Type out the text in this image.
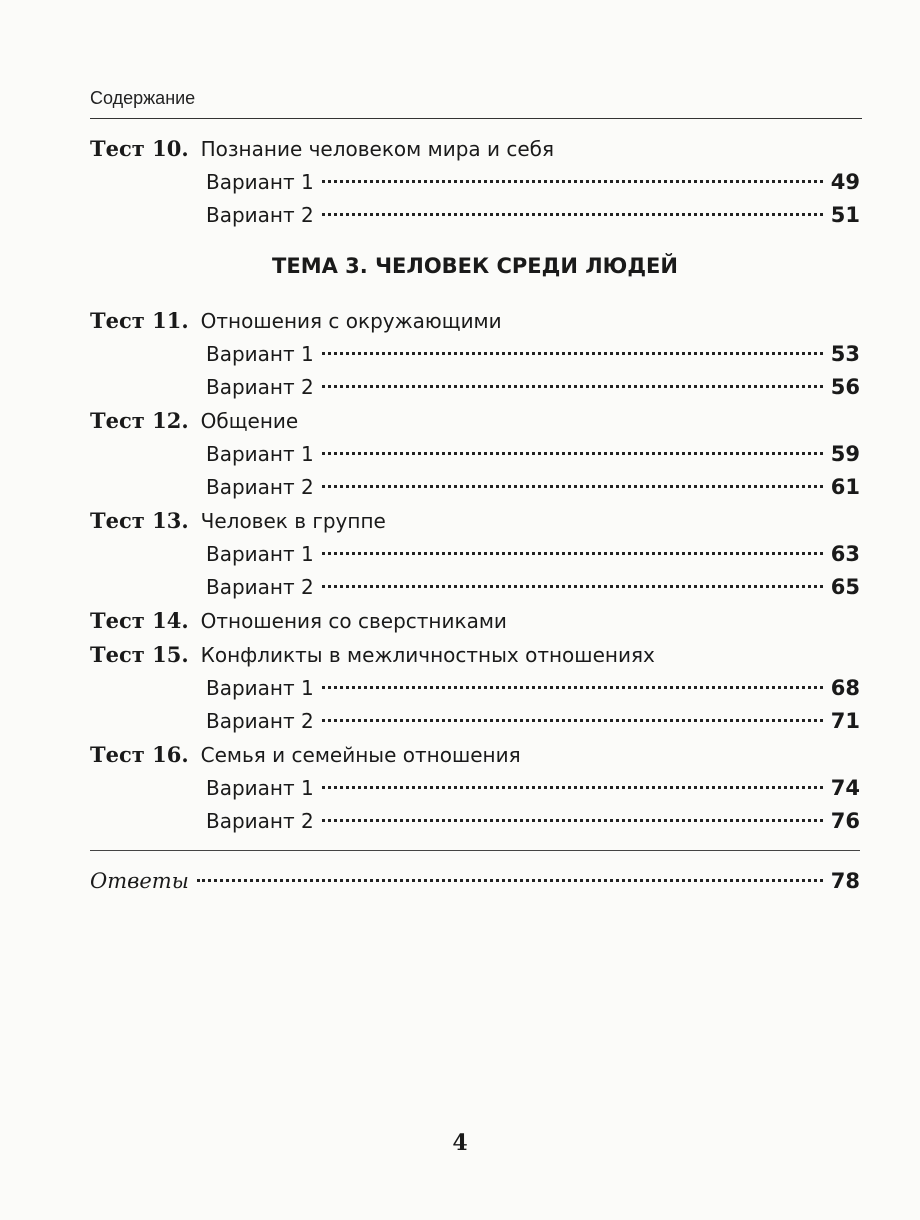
Содержание
Тест 10. Познание человеком мира и себя
Вариант 1	49
Вариант 2	51
ТЕМА 3. ЧЕЛОВЕК СРЕДИ ЛЮДЕЙ
Тест 11. Отношения с окружающими
Вариант 1	53
Вариант 2	56
Тест 12. Общение
Вариант 1	59
Вариант 2	61
Тест 13. Человек в группе
Вариант 1	63
Вариант 2	65
Тест 14. Отношения со сверстниками
Тест 15. Конфликты в межличностных отношениях
Вариант 1	68
Вариант 2	71
Тест 16. Семья и семейные отношения
Вариант 1	74
Вариант 2	76
Ответы	78
4
